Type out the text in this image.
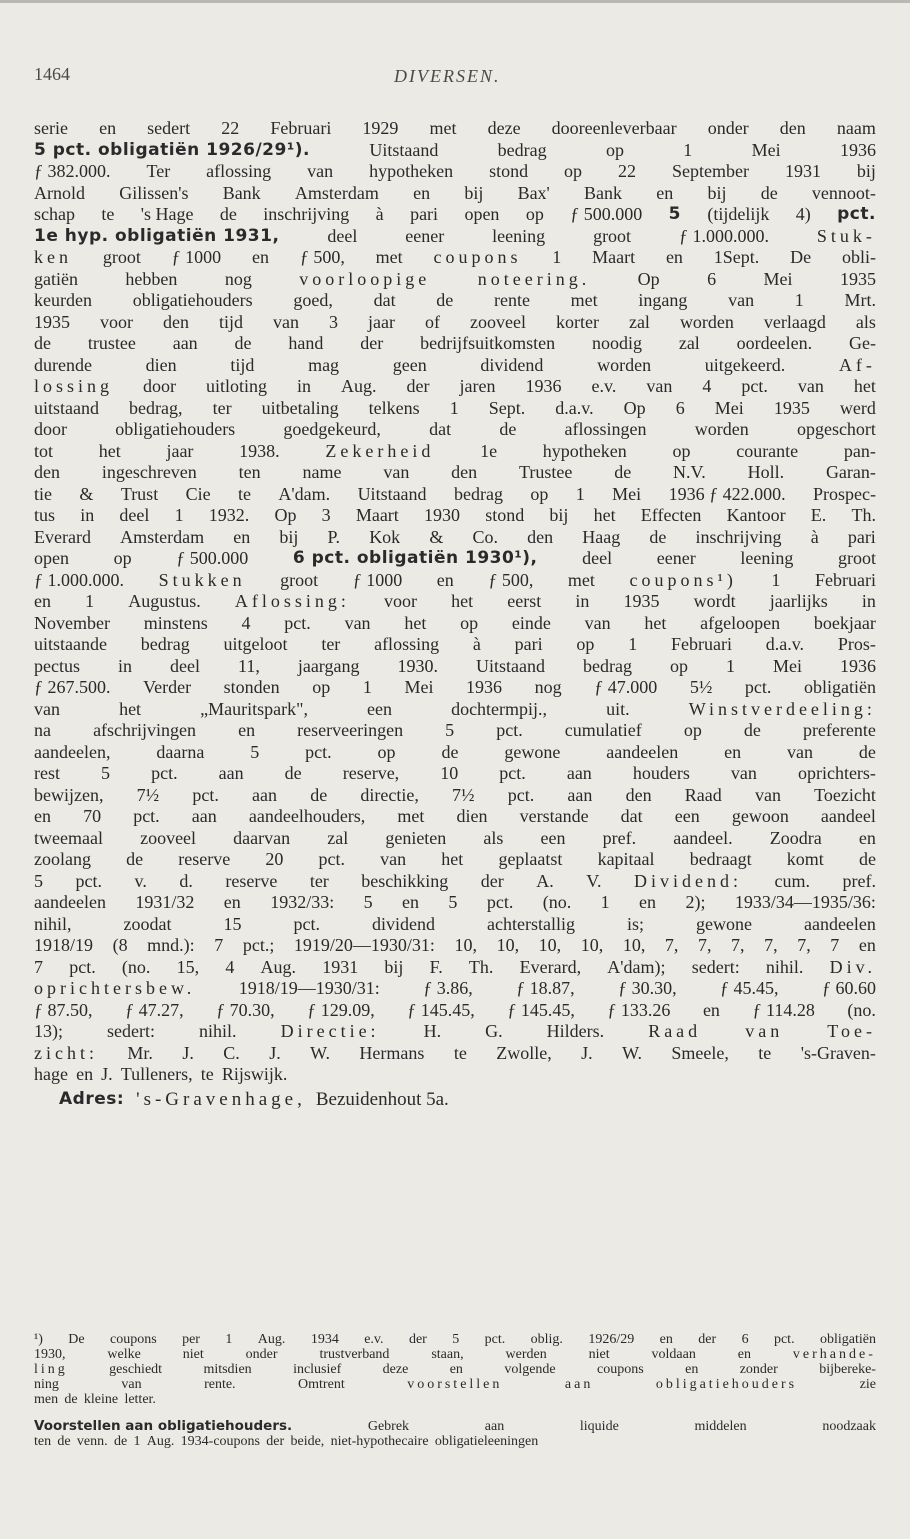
1464	DIVERSEN.
serie en sedert 22 Februari 1929 met deze dooreenleverbaar onder den naam
5 pct. obligatiën 1926/29¹).	Uitstaand	bedrag	op	1	Mei	1936
ƒ 382.000. Ter aflossing van hypotheken stond op 22 September 1931 bij
Arnold Gilissen's Bank Amsterdam en bij Bax' Bank en bij de vennoot-
schap te 's Hage de inschrijving à pari open op ƒ 500.000 5 (tijdelijk 4) pct.
1e hyp. obligatiën 1931,	deel	eener	leening	groot	ƒ 1.000.000.	Stuk-
ken groot ƒ 1000 en ƒ 500, met coupons 1 Maart en 1Sept. De obli-
gatiën	hebben	nog	voorloopige	noteering.	Op	6	Mei	1935
keurden obligatiehouders goed, dat de rente met ingang van 1 Mrt.
1935 voor den tijd van 3 jaar of zooveel korter zal worden verlaagd als
de trustee aan de hand der bedrijfsuitkomsten noodig zal oordeelen. Ge-
durende	dien	tijd	mag	geen	dividend	worden	uitgekeerd.	Af-
lossing door uitloting in Aug. der jaren 1936 e.v. van 4 pct. van het
uitstaand bedrag, ter uitbetaling telkens 1 Sept. d.a.v. Op 6 Mei 1935 werd
door	obligatiehouders	goedgekeurd,	dat	de	aflossingen	worden	opgeschort
tot	het	jaar	1938.	Zekerheid	1e	hypotheken	op	courante	pan-
den ingeschreven ten name van den Trustee de N.V. Holl. Garan-
tie & Trust Cie te A'dam. Uitstaand bedrag op 1 Mei 1936 ƒ 422.000. Prospec-
tus in deel 1 1932. Op 3 Maart 1930 stond bij het Effecten Kantoor E. Th.
Everard Amsterdam en bij P. Kok & Co. den Haag de inschrijving à pari
open op ƒ 500.000	6 pct. obligatiën 1930¹), deel eener leening groot
ƒ 1.000.000. Stukken groot ƒ 1000 en ƒ 500, met coupons¹) 1 Februari
en 1 Augustus. Aflossing: voor het eerst in 1935 wordt jaarlijks in
November minstens 4 pct. van het op einde van het afgeloopen boekjaar
uitstaande bedrag uitgeloot ter aflossing à pari op 1 Februari d.a.v. Pros-
pectus in deel 11, jaargang 1930. Uitstaand bedrag op 1 Mei 1936
ƒ 267.500. Verder stonden op 1 Mei 1936 nog ƒ 47.000 5½ pct. obligatiën
van	het	„Mauritspark",	een	dochtermpij.,	uit.	Winstverdeeling:
na afschrijvingen en reserveeringen 5 pct. cumulatief op de preferente
aandeelen,	daarna	5	pct.	op	de	gewone	aandeelen	en	van	de
rest 5 pct. aan de reserve, 10 pct. aan houders van oprichters-
bewijzen, 7½ pct. aan de directie, 7½ pct. aan den Raad van Toezicht
en 70 pct. aan aandeelhouders, met dien verstande dat een gewoon aandeel
tweemaal zooveel daarvan zal genieten als een pref. aandeel. Zoodra en
zoolang de reserve 20 pct. van het geplaatst kapitaal bedraagt komt de
5 pct. v. d. reserve ter beschikking der A. V. Dividend: cum. pref.
aandeelen 1931/32 en 1932/33: 5 en 5 pct. (no. 1 en 2); 1933/34—1935/36:
nihil,	zoodat	15	pct.	dividend	achterstallig	is;	gewone	aandeelen
1918/19 (8 mnd.): 7 pct.; 1919/20—1930/31: 10, 10, 10, 10, 10, 7, 7, 7, 7, 7, 7 en
7 pct. (no. 15, 4 Aug. 1931 bij F. Th. Everard, A'dam); sedert: nihil. Div.
oprichtersbew. 1918/19—1930/31: ƒ 3.86, ƒ 18.87, ƒ 30.30, ƒ 45.45, ƒ 60.60
ƒ 87.50, ƒ 47.27, ƒ 70.30, ƒ 129.09, ƒ 145.45, ƒ 145.45, ƒ 133.26 en ƒ 114.28 (no.
13); sedert: nihil. Directie: H. G. Hilders. Raad van Toe-
zicht: Mr. J. C. J. W. Hermans te Zwolle, J. W. Smeele, te 's-Graven-
hage en J. Tulleners, te Rijswijk.
Adres: 's-Gravenhage, Bezuidenhout 5a.
¹) De coupons per 1 Aug. 1934 e.v. der 5 pct. oblig. 1926/29 en der 6 pct. obligatiën
1930,	welke	niet	onder	trustverband	staan,	werden	niet	voldaan	en	verhande-
ling	geschiedt	mitsdien	inclusief	deze	en	volgende	coupons	en	zonder	bijbereke-
ning	van	rente.	Omtrent	voorstellen	aan	obligatiehouders	zie
men de kleine letter.
Voorstellen aan obligatiehouders.	Gebrek	aan	liquide	middelen	noodzaak
ten de venn. de 1 Aug. 1934-coupons der beide, niet-hypothecaire obligatieleeningen
